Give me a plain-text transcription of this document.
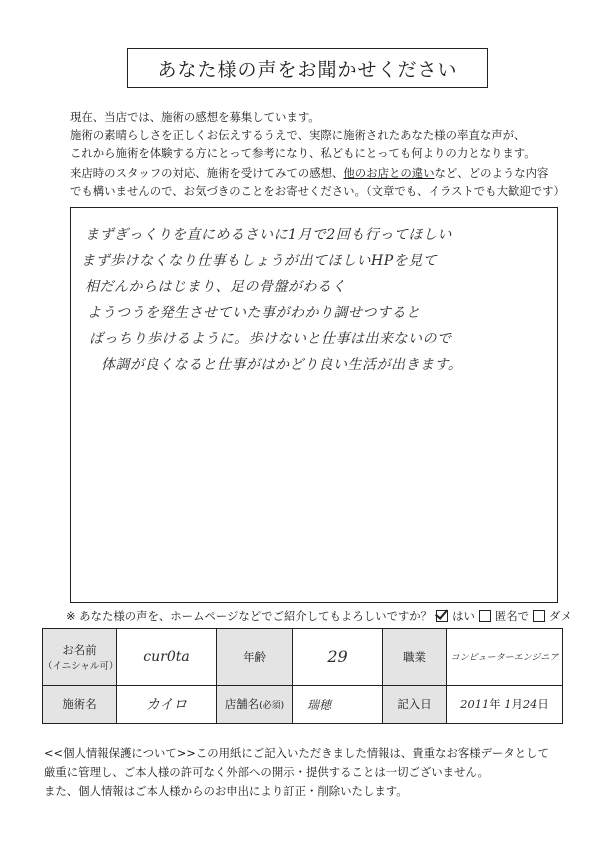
あなた様の声をお聞かせください
現在、当店では、施術の感想を募集しています。
施術の素晴らしさを正しくお伝えするうえで、実際に施術されたあなた様の率直な声が、
これから施術を体験する方にとって参考になり、私どもにとっても何よりの力となります。
来店時のスタッフの対応、施術を受けてみての感想、他のお店との違いなど、どのような内容
でも構いませんので、お気づきのことをお寄せください。（文章でも、イラストでも大歓迎です）
まずぎっくりを直にめるさいに1月で2回も行ってほしい
まず歩けなくなり仕事もしょうが出てほしいHPを見て
相だんからはじまり、足の骨盤がわるく
ようつうを発生させていた事がわかり調せつすると
ばっちり歩けるように。歩けないと仕事は出来ないので
体調が良くなると仕事がはかどり良い生活が出きます。
※ あなた様の声を、ホームページなどでご紹介してもよろしいですか？ はい 匿名で ダメ
お名前
（イニシャル可）	cur0ta	年齢	29	職業	コンピューターエンジニア
施術名	カイロ	店舗名(必須)	瑞穂	記入日	2011年 1月24日
<<個人情報保護について>>この用紙にご記入いただきました情報は、貴重なお客様データとして
厳重に管理し、ご本人様の許可なく外部への開示・提供することは一切ございません。
また、個人情報はご本人様からのお申出により訂正・削除いたします。
